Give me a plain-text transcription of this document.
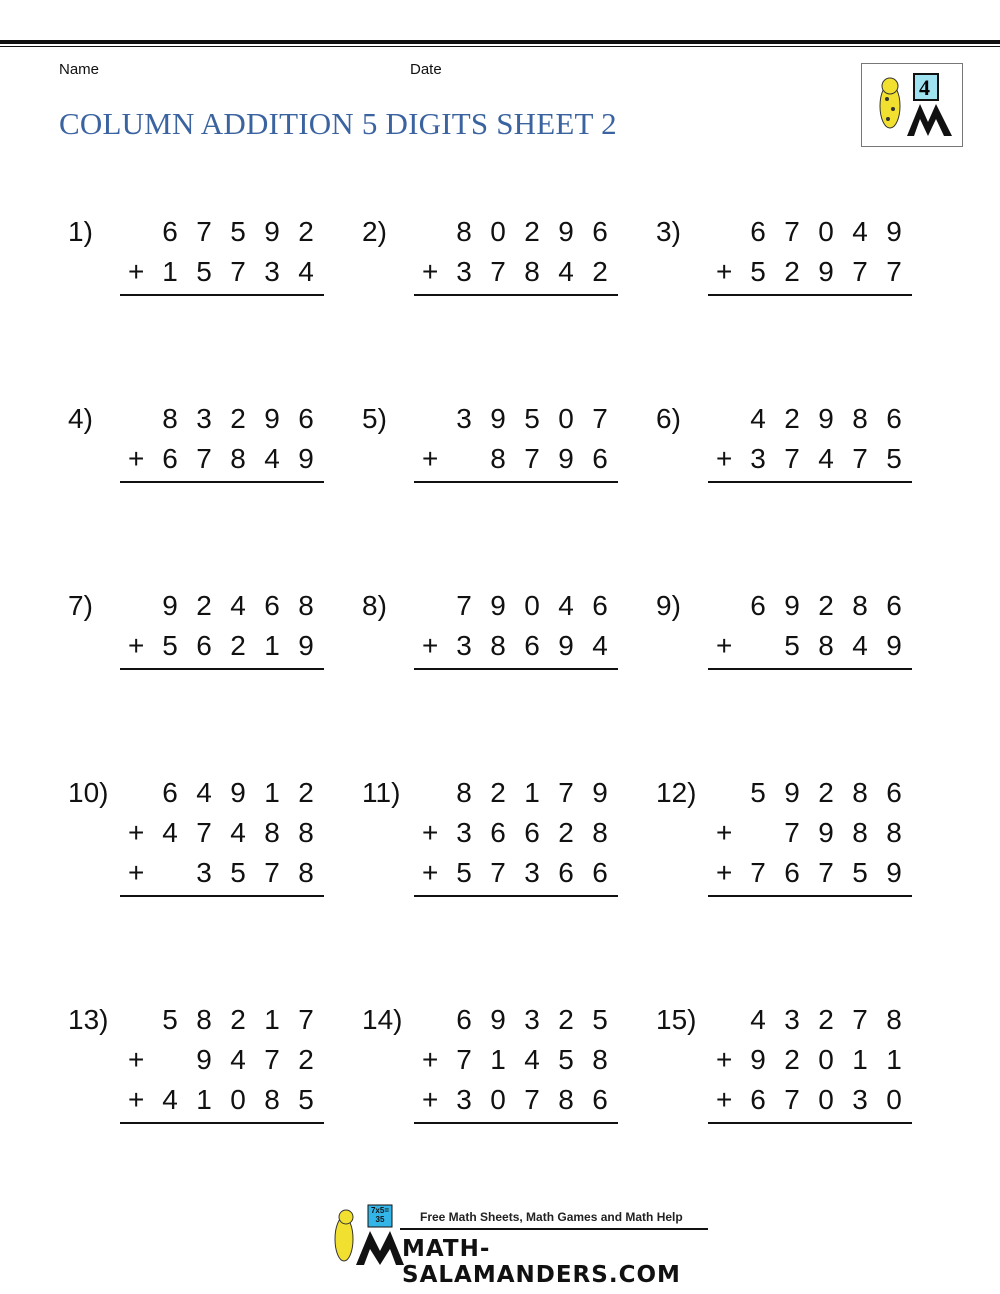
Name	Date
COLUMN ADDITION 5 DIGITS SHEET 2
4
1) 6 7 5 9 2
+ 1 5 7 3 4
2) 8 0 2 9 6
+ 3 7 8 4 2
3) 6 7 0 4 9
+ 5 2 9 7 7
4) 8 3 2 9 6
+ 6 7 8 4 9
5) 3 9 5 0 7
+ 8 7 9 6
6) 4 2 9 8 6
+ 3 7 4 7 5
7) 9 2 4 6 8
+ 5 6 2 1 9
8) 7 9 0 4 6
+ 3 8 6 9 4
9) 6 9 2 8 6
+ 5 8 4 9
10) 6 4 9 1 2
+ 4 7 4 8 8
+ 3 5 7 8
11) 8 2 1 7 9
+ 3 6 6 2 8
+ 5 7 3 6 6
12) 5 9 2 8 6
+ 7 9 8 8
+ 7 6 7 5 9
13) 5 8 2 1 7
+ 9 4 7 2
+ 4 1 0 8 5
14) 6 9 3 2 5
+ 7 1 4 5 8
+ 3 0 7 8 6
15) 4 3 2 7 8
+ 9 2 0 1 1
+ 6 7 0 3 0
7x5=35	Free Math Sheets, Math Games and Math Help
MATH-SALAMANDERS.COM
